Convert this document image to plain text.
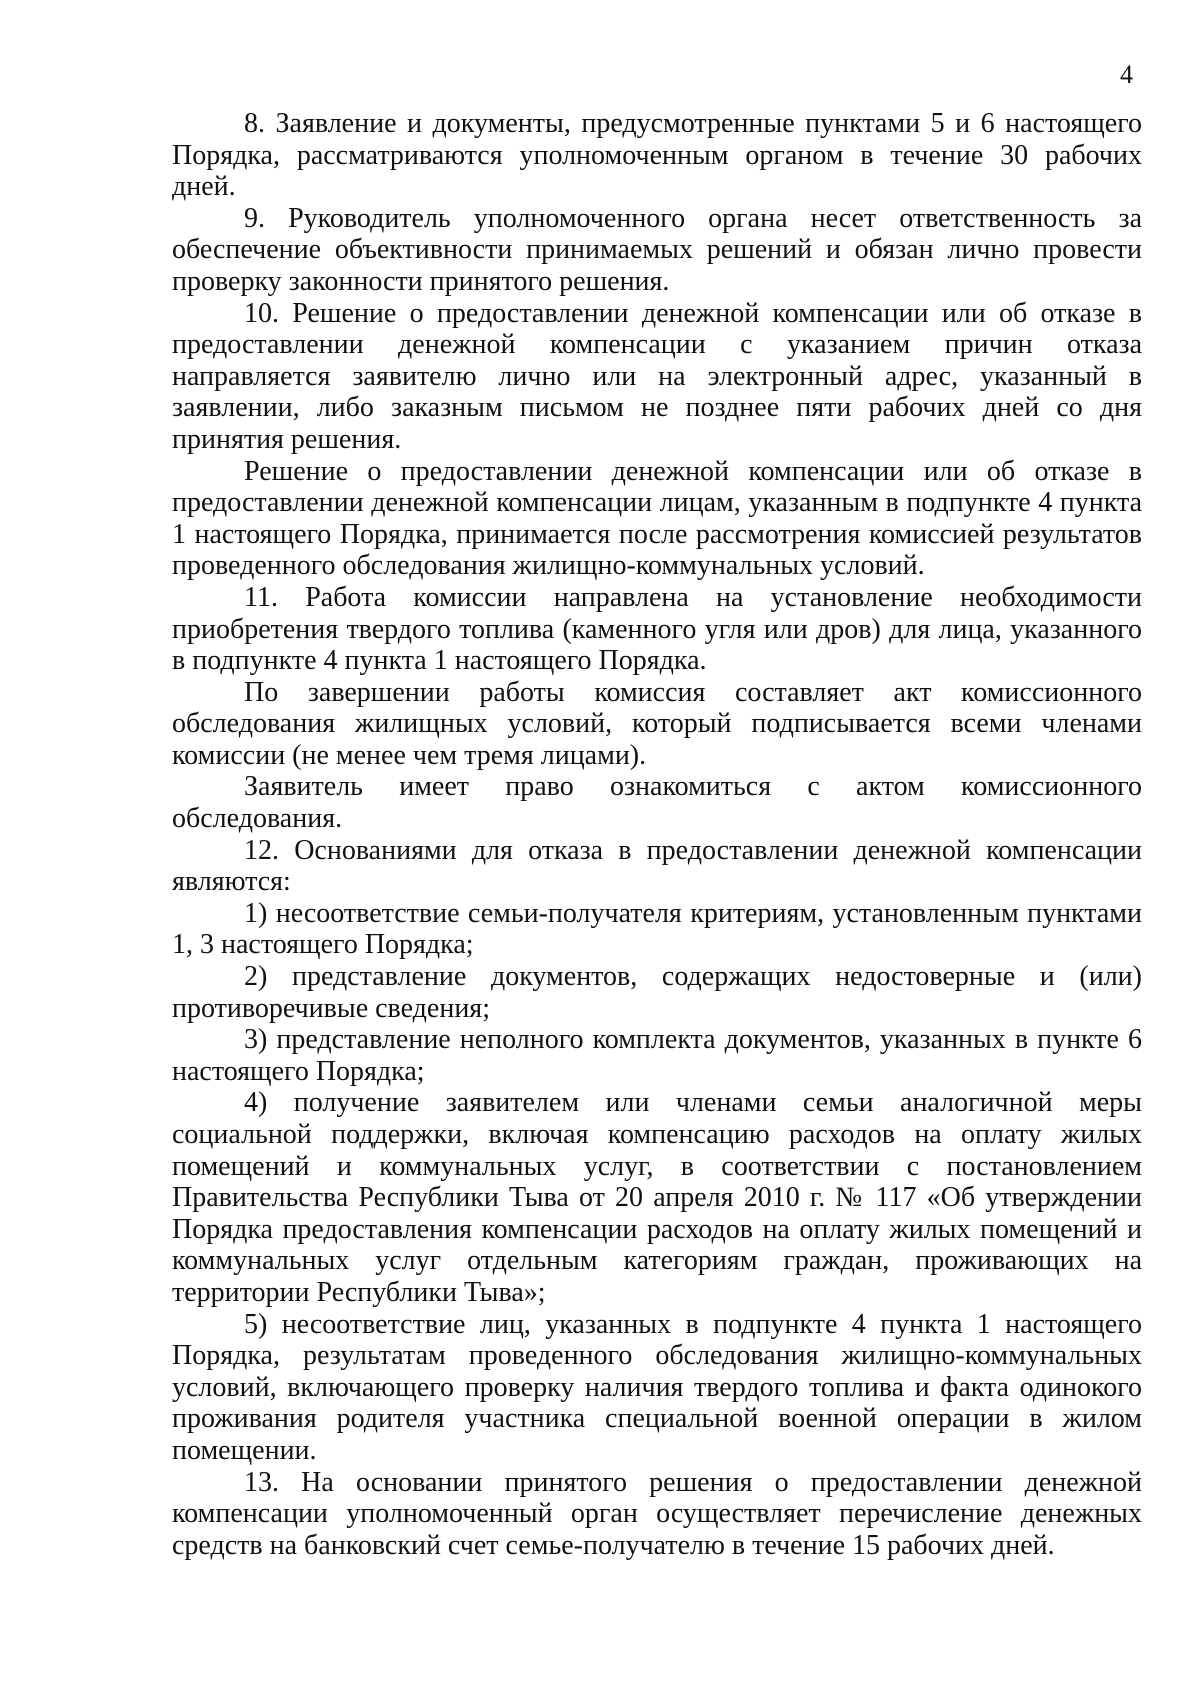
4

8. Заявление и документы, предусмотренные пунктами 5 и 6 настоящего Порядка, рассматриваются уполномоченным органом в течение 30 рабочих дней.

9. Руководитель уполномоченного органа несет ответственность за обеспечение объективности принимаемых решений и обязан лично провести проверку законности принятого решения.

10. Решение о предоставлении денежной компенсации или об отказе в предоставлении денежной компенсации с указанием причин отказа направляется заявителю лично или на электронный адрес, указанный в заявлении, либо заказным письмом не позднее пяти рабочих дней со дня принятия решения.

Решение о предоставлении денежной компенсации или об отказе в предоставлении денежной компенсации лицам, указанным в подпункте 4 пункта 1 настоящего Порядка, принимается после рассмотрения комиссией результатов проведенного обследования жилищно-коммунальных условий.

11. Работа комиссии направлена на установление необходимости приобретения твердого топлива (каменного угля или дров) для лица, указанного в подпункте 4 пункта 1 настоящего Порядка.

По завершении работы комиссия составляет акт комиссионного обследования жилищных условий, который подписывается всеми членами комиссии (не менее чем тремя лицами).

Заявитель имеет право ознакомиться с актом комиссионного обследования.

12. Основаниями для отказа в предоставлении денежной компенсации являются:

1) несоответствие семьи-получателя критериям, установленным пунктами 1, 3 настоящего Порядка;

2) представление документов, содержащих недостоверные и (или) противоречивые сведения;

3) представление неполного комплекта документов, указанных в пункте 6 настоящего Порядка;

4) получение заявителем или членами семьи аналогичной меры социальной поддержки, включая компенсацию расходов на оплату жилых помещений и коммунальных услуг, в соответствии с постановлением Правительства Республики Тыва от 20 апреля 2010 г. № 117 «Об утверждении Порядка предоставления компенсации расходов на оплату жилых помещений и коммунальных услуг отдельным категориям граждан, проживающих на территории Республики Тыва»;

5) несоответствие лиц, указанных в подпункте 4 пункта 1 настоящего Порядка, результатам проведенного обследования жилищно-коммунальных условий, включающего проверку наличия твердого топлива и факта одинокого проживания родителя участника специальной военной операции в жилом помещении.

13. На основании принятого решения о предоставлении денежной компенсации уполномоченный орган осуществляет перечисление денежных средств на банковский счет семье-получателю в течение 15 рабочих дней.
